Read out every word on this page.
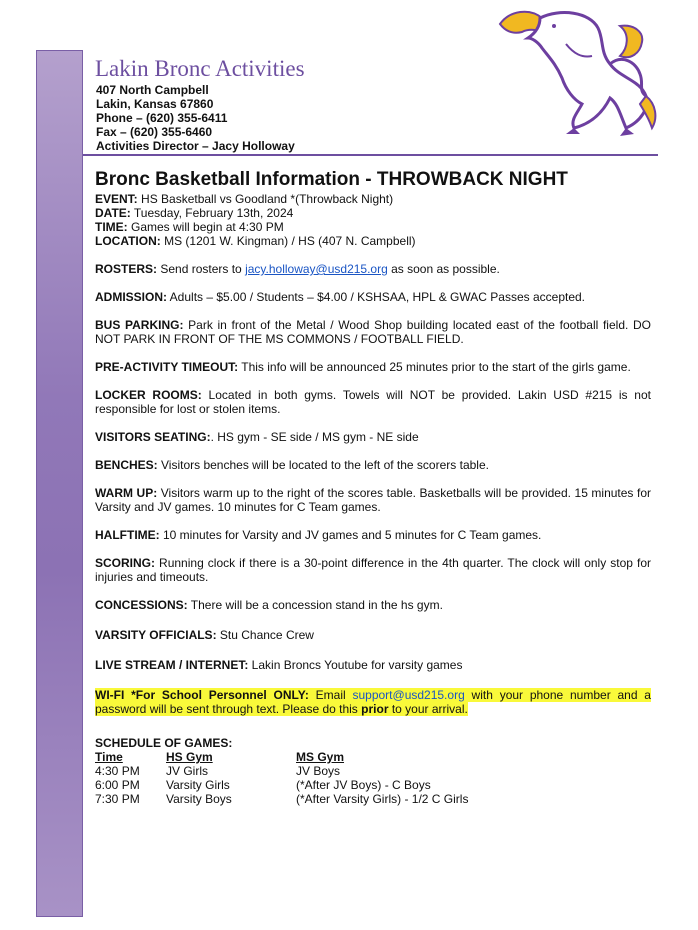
Lakin Bronc Activities
407 North Campbell
Lakin, Kansas 67860
Phone – (620) 355-6411
Fax – (620) 355-6460
Activities Director – Jacy Holloway
Bronc Basketball Information - THROWBACK NIGHT
EVENT: HS Basketball vs Goodland *(Throwback Night)
DATE: Tuesday, February 13th, 2024
TIME: Games will begin at 4:30 PM
LOCATION: MS (1201 W. Kingman) / HS (407 N. Campbell)
ROSTERS: Send rosters to jacy.holloway@usd215.org as soon as possible.
ADMISSION: Adults – $5.00 / Students – $4.00 / KSHSAA, HPL & GWAC Passes accepted.

BUS PARKING: Park in front of the Metal / Wood Shop building located east of the football field. DO NOT PARK IN FRONT OF THE MS COMMONS / FOOTBALL FIELD.

PRE-ACTIVITY TIMEOUT: This info will be announced 25 minutes prior to the start of the girls game.

LOCKER ROOMS: Located in both gyms. Towels will NOT be provided. Lakin USD #215 is not responsible for lost or stolen items.

VISITORS SEATING:. HS gym - SE side / MS gym - NE side
BENCHES: Visitors benches will be located to the left of the scorers table.

WARM UP: Visitors warm up to the right of the scores table. Basketballs will be provided. 15 minutes for Varsity and JV games. 10 minutes for C Team games.

HALFTIME: 10 minutes for Varsity and JV games and 5 minutes for C Team games.

SCORING: Running clock if there is a 30-point difference in the 4th quarter. The clock will only stop for injuries and timeouts.

CONCESSIONS: There will be a concession stand in the hs gym.
VARSITY OFFICIALS: Stu Chance Crew
LIVE STREAM / INTERNET: Lakin Broncs Youtube for varsity games

WI-FI *For School Personnel ONLY: Email support@usd215.org with your phone number and a password will be sent through text. Please do this prior to your arrival.

SCHEDULE OF GAMES:
Time	HS Gym	MS Gym
4:30 PM	JV Girls	JV Boys
6:00 PM	Varsity Girls	(*After JV Boys) - C Boys
7:30 PM	Varsity Boys	(*After Varsity Girls) - 1/2 C Girls
